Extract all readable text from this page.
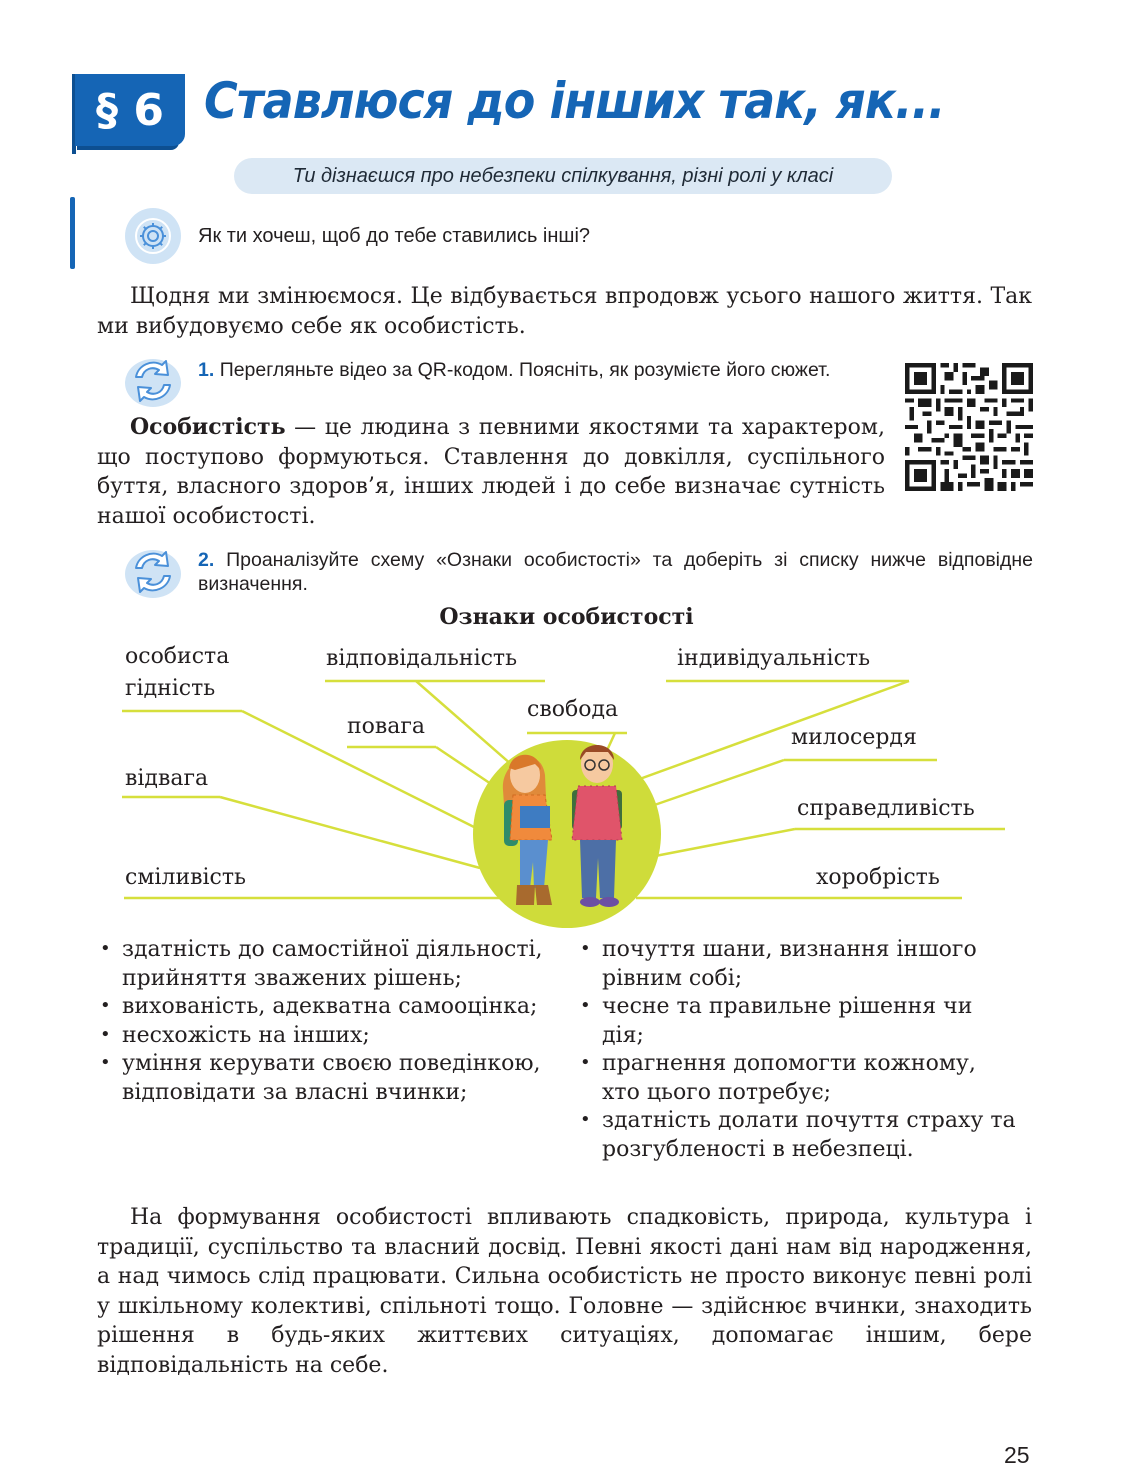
§ 6 Ставлюся до інших так, як...
Ти дізнаєшся про небезпеки спілкування, різні ролі у класі
Як ти хочеш, щоб до тебе ставились інші?
Щодня ми змінюємося. Це відбувається впродовж усього нашого життя. Так ми вибудовуємо себе як особистість.
1. Перегляньте відео за QR-кодом. Поясніть, як розумієте його сюжет.
Особистість — це людина з певними якостями та характером, що поступово формуються. Ставлення до довкілля, суспільного буття, власного здоров’я, інших людей і до себе визначає сутність нашої особистості.
2. Проаналізуйте схему «Ознаки особистості» та доберіть зі списку нижче відповідне визначення.
Ознаки особистості
особиста
гідність
відповідальність	індивідуальність
свобода
повага	милосердя
відвага
справедливість
сміливість	хоробрість
• здатність до самостійної діяльності, прийняття зважених рішень;
• вихованість, адекватна самооцінка;
• несхожість на інших;
• уміння керувати своєю поведінкою, відповідати за власні вчинки;
• почуття шани, визнання іншого рівним собі;
• чесне та правильне рішення чи дія;
• прагнення допомогти кожному, хто цього потребує;
• здатність долати почуття страху та розгубленості в небезпеці.
На формування особистості впливають спадковість, природа, культура і традиції, суспільство та власний досвід. Певні якості дані нам від народження, а над чимось слід працювати. Сильна особистість не просто виконує певні ролі у шкільному колективі, спільноті тощо. Головне — здійснює вчинки, знаходить рішення в будь-яких життєвих ситуаціях, допомагає іншим, бере відповідальність на себе.
25
